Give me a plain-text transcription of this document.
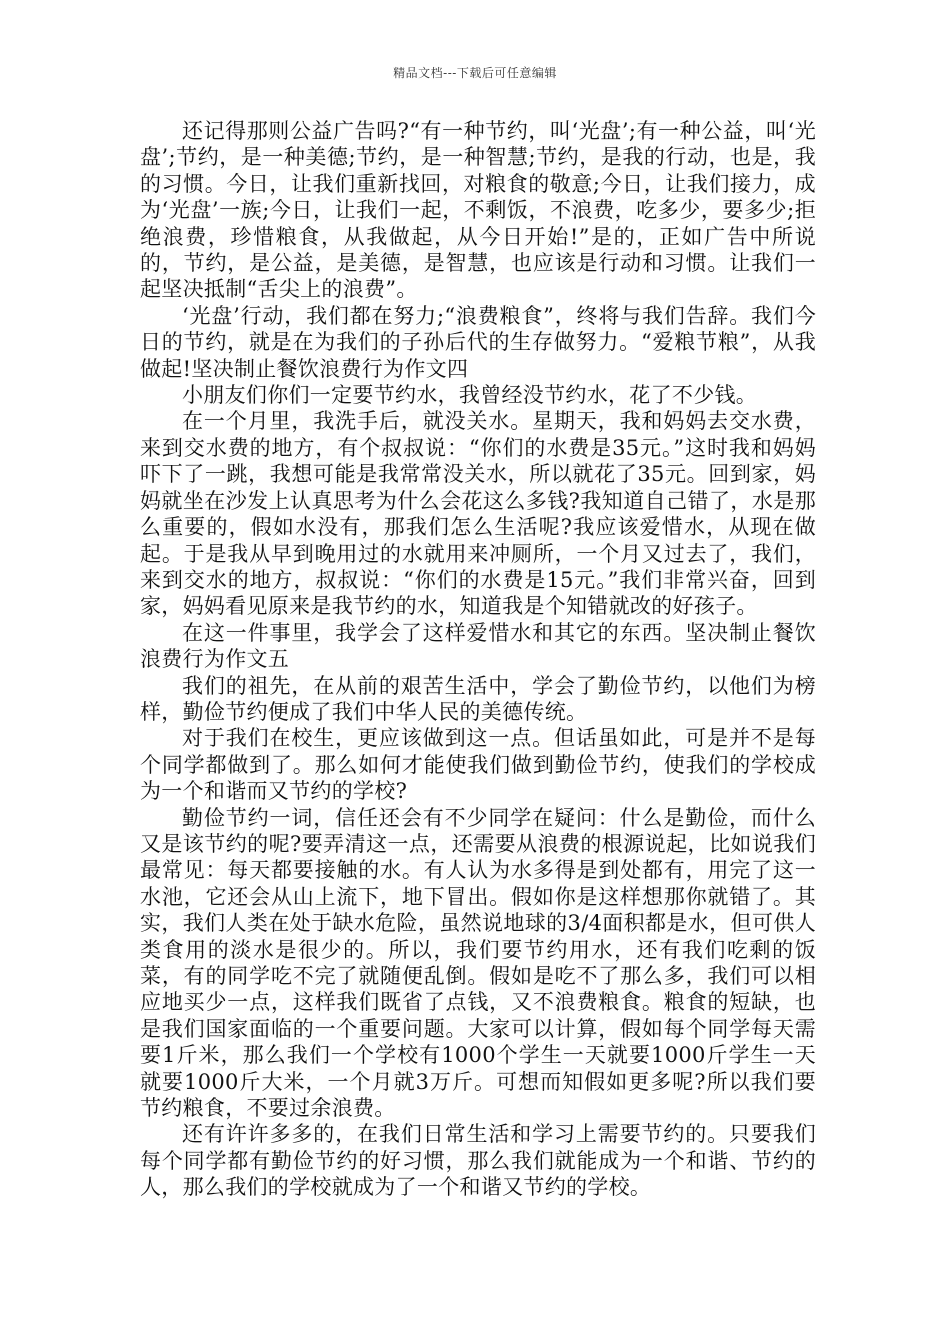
精品文档---下载后可任意编辑

还记得那则公益广告吗?“有一种节约，叫‘光盘’;有一种公益，叫‘光盘’;节约，是一种美德;节约，是一种智慧;节约，是我的行动，也是，我的习惯。今日，让我们重新找回，对粮食的敬意;今日，让我们接力，成为‘光盘’一族;今日，让我们一起，不剩饭，不浪费，吃多少，要多少;拒绝浪费，珍惜粮食，从我做起，从今日开始!”是的，正如广告中所说的，节约，是公益，是美德，是智慧，也应该是行动和习惯。让我们一起坚决抵制“舌尖上的浪费”。

‘光盘’行动，我们都在努力;“浪费粮食”，终将与我们告辞。我们今日的节约，就是在为我们的子孙后代的生存做努力。“爱粮节粮”，从我做起!坚决制止餐饮浪费行为作文四

小朋友们你们一定要节约水，我曾经没节约水，花了不少钱。

在一个月里，我洗手后，就没关水。星期天，我和妈妈去交水费，来到交水费的地方，有个叔叔说：“你们的水费是35元。”这时我和妈妈吓下了一跳，我想可能是我常常没关水，所以就花了35元。回到家，妈妈就坐在沙发上认真思考为什么会花这么多钱?我知道自己错了，水是那么重要的，假如水没有，那我们怎么生活呢?我应该爱惜水，从现在做起。于是我从早到晚用过的水就用来冲厕所，一个月又过去了，我们，来到交水的地方，叔叔说：“你们的水费是15元。”我们非常兴奋，回到家，妈妈看见原来是我节约的水，知道我是个知错就改的好孩子。

在这一件事里，我学会了这样爱惜水和其它的东西。坚决制止餐饮浪费行为作文五

我们的祖先，在从前的艰苦生活中，学会了勤俭节约，以他们为榜样，勤俭节约便成了我们中华人民的美德传统。

对于我们在校生，更应该做到这一点。但话虽如此，可是并不是每个同学都做到了。那么如何才能使我们做到勤俭节约，使我们的学校成为一个和谐而又节约的学校?

勤俭节约一词，信任还会有不少同学在疑问：什么是勤俭，而什么又是该节约的呢?要弄清这一点，还需要从浪费的根源说起，比如说我们最常见：每天都要接触的水。有人认为水多得是到处都有，用完了这一水池，它还会从山上流下，地下冒出。假如你是这样想那你就错了。其实，我们人类在处于缺水危险，虽然说地球的3/4面积都是水，但可供人类食用的淡水是很少的。所以，我们要节约用水，还有我们吃剩的饭菜，有的同学吃不完了就随便乱倒。假如是吃不了那么多，我们可以相应地买少一点，这样我们既省了点钱，又不浪费粮食。粮食的短缺，也是我们国家面临的一个重要问题。大家可以计算，假如每个同学每天需要1斤米，那么我们一个学校有1000个学生一天就要1000斤学生一天就要1000斤大米，一个月就3万斤。可想而知假如更多呢?所以我们要节约粮食，不要过余浪费。

还有许许多多的，在我们日常生活和学习上需要节约的。只要我们每个同学都有勤俭节约的好习惯，那么我们就能成为一个和谐、节约的人，那么我们的学校就成为了一个和谐又节约的学校。
